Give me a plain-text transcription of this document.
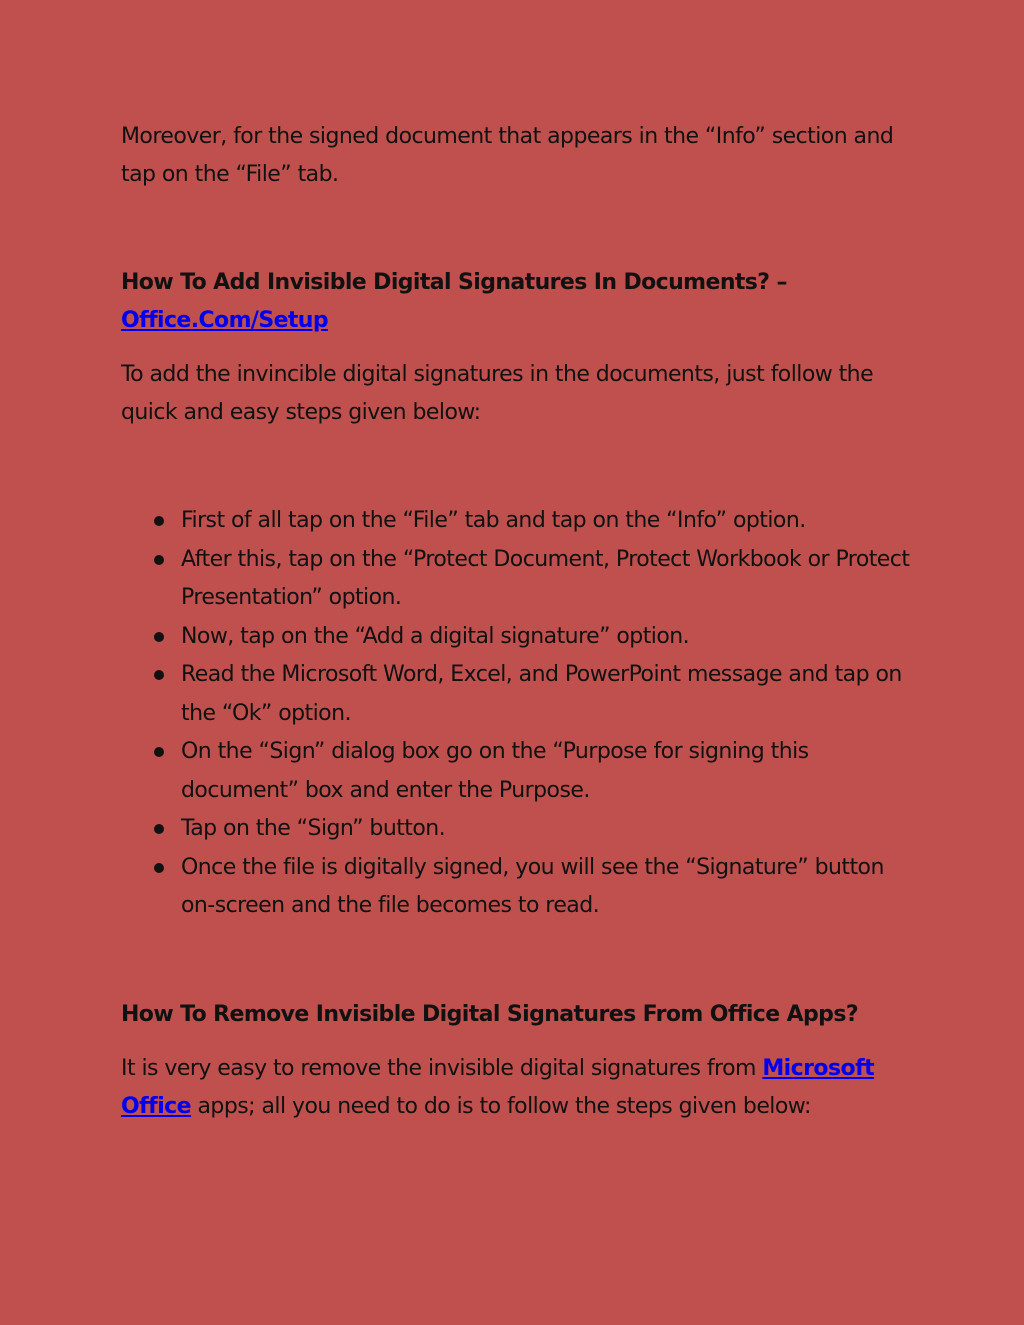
Moreover, for the signed document that appears in the “Info” section and tap on the “File” tab.

How To Add Invisible Digital Signatures In Documents? –
Office.Com/Setup

To add the invincible digital signatures in the documents, just follow the quick and easy steps given below:

First of all tap on the “File” tab and tap on the “Info” option.
After this, tap on the “Protect Document, Protect Workbook or Protect Presentation” option.
Now, tap on the “Add a digital signature” option.
Read the Microsoft Word, Excel, and PowerPoint message and tap on the “Ok” option.
On the “Sign” dialog box go on the “Purpose for signing this document” box and enter the Purpose.
Tap on the “Sign” button.
Once the file is digitally signed, you will see the “Signature” button on-screen and the file becomes to read.
How To Remove Invisible Digital Signatures From Office Apps?

It is very easy to remove the invisible digital signatures from Microsoft Office apps; all you need to do is to follow the steps given below:
